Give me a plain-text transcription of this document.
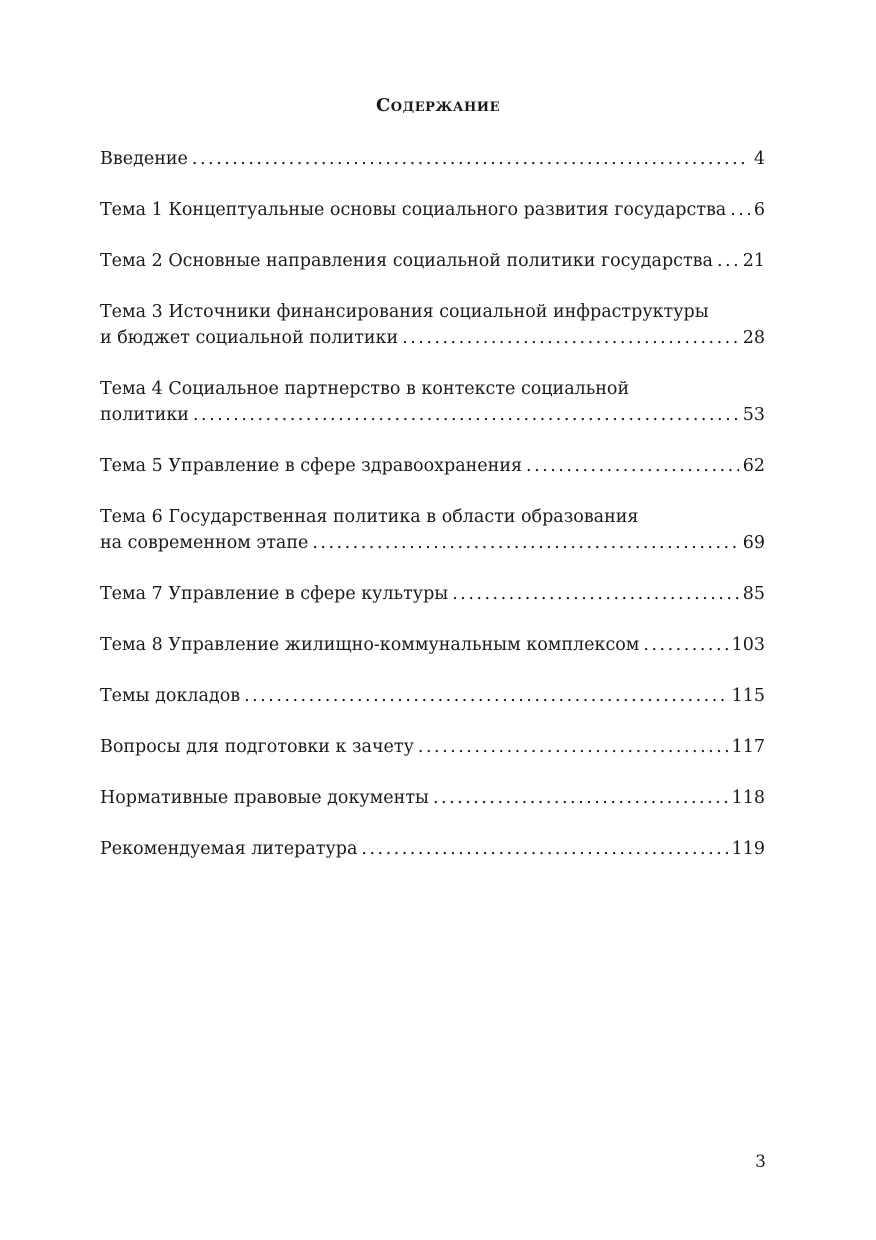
Содержание
Введение .....	4
Тема 1 Концептуальные основы социального развития государства ..... 6
Тема 2 Основные направления социальной политики государства ..... 21
Тема 3 Источники финансирования социальной инфраструктуры
и бюджет социальной политики .....	28
Тема 4 Социальное партнерство в контексте социальной
политики .....	53
Тема 5 Управление в сфере здравоохранения .....	62
Тема 6 Государственная политика в области образования
на современном этапе .....	69
Тема 7 Управление в сфере культуры .....	85
Тема 8 Управление жилищно-коммунальным комплексом .....	103
Темы докладов .....	115
Вопросы для подготовки к зачету .....	117
Нормативные правовые документы .....	118
Рекомендуемая литература .....	119
3
